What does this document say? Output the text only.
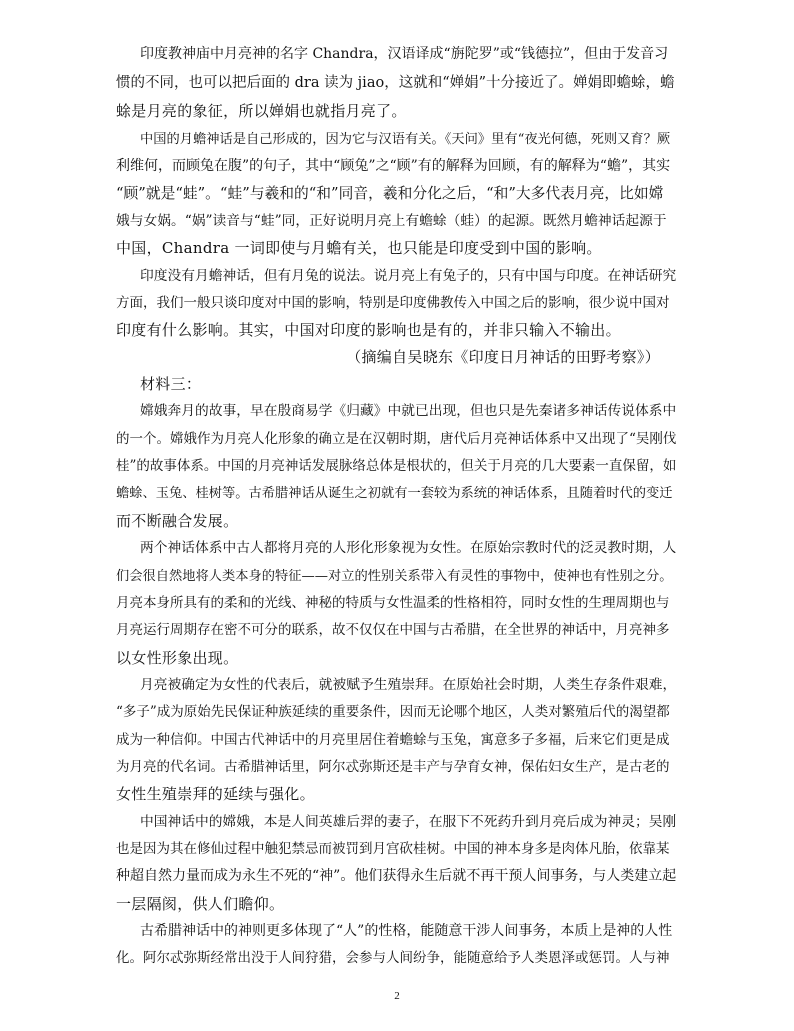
印度教神庙中月亮神的名字 Chandra，汉语译成“旃陀罗”或“钱德拉”，但由于发音习
惯的不同，也可以把后面的 dra 读为 jiao，这就和“婵娟”十分接近了。婵娟即蟾蜍，蟾
蜍是月亮的象征，所以婵娟也就指月亮了。
中国的月蟾神话是自己形成的，因为它与汉语有关。《天问》里有“夜光何德，死则又育？厥
利维何，而顾兔在腹”的句子，其中“顾兔”之“顾”有的解释为回顾，有的解释为“蟾”，其实
“顾”就是“蛙”。“蛙”与羲和的“和”同音，羲和分化之后，“和”大多代表月亮，比如嫦
娥与女娲。“娲”读音与“蛙”同，正好说明月亮上有蟾蜍（蛙）的起源。既然月蟾神话起源于
中国，Chandra 一词即使与月蟾有关，也只能是印度受到中国的影响。
印度没有月蟾神话，但有月兔的说法。说月亮上有兔子的，只有中国与印度。在神话研究
方面，我们一般只谈印度对中国的影响，特别是印度佛教传入中国之后的影响，很少说中国对
印度有什么影响。其实，中国对印度的影响也是有的，并非只输入不输出。
（摘编自吴晓东《印度日月神话的田野考察》）
材料三：
嫦娥奔月的故事，早在殷商易学《归藏》中就已出现，但也只是先秦诸多神话传说体系中
的一个。嫦娥作为月亮人化形象的确立是在汉朝时期，唐代后月亮神话体系中又出现了“吴刚伐
桂”的故事体系。中国的月亮神话发展脉络总体是根状的，但关于月亮的几大要素一直保留，如
蟾蜍、玉兔、桂树等。古希腊神话从诞生之初就有一套较为系统的神话体系，且随着时代的变迁
而不断融合发展。
两个神话体系中古人都将月亮的人形化形象视为女性。在原始宗教时代的泛灵教时期，人
们会很自然地将人类本身的特征——对立的性别关系带入有灵性的事物中，使神也有性别之分。
月亮本身所具有的柔和的光线、神秘的特质与女性温柔的性格相符，同时女性的生理周期也与
月亮运行周期存在密不可分的联系，故不仅仅在中国与古希腊，在全世界的神话中，月亮神多
以女性形象出现。
月亮被确定为女性的代表后，就被赋予生殖崇拜。在原始社会时期，人类生存条件艰难，
“多子”成为原始先民保证种族延续的重要条件，因而无论哪个地区，人类对繁殖后代的渴望都
成为一种信仰。中国古代神话中的月亮里居住着蟾蜍与玉兔，寓意多子多福，后来它们更是成
为月亮的代名词。古希腊神话里，阿尔忒弥斯还是丰产与孕育女神，保佑妇女生产，是古老的
女性生殖崇拜的延续与强化。
中国神话中的嫦娥，本是人间英雄后羿的妻子，在服下不死药升到月亮后成为神灵；吴刚
也是因为其在修仙过程中触犯禁忌而被罚到月宫砍桂树。中国的神本身多是肉体凡胎，依靠某
种超自然力量而成为永生不死的“神”。他们获得永生后就不再干预人间事务，与人类建立起
一层隔阂，供人们瞻仰。
古希腊神话中的神则更多体现了“人”的性格，能随意干涉人间事务，本质上是神的人性
化。阿尔忒弥斯经常出没于人间狩猎，会参与人间纷争，能随意给予人类恩泽或惩罚。人与神
2
